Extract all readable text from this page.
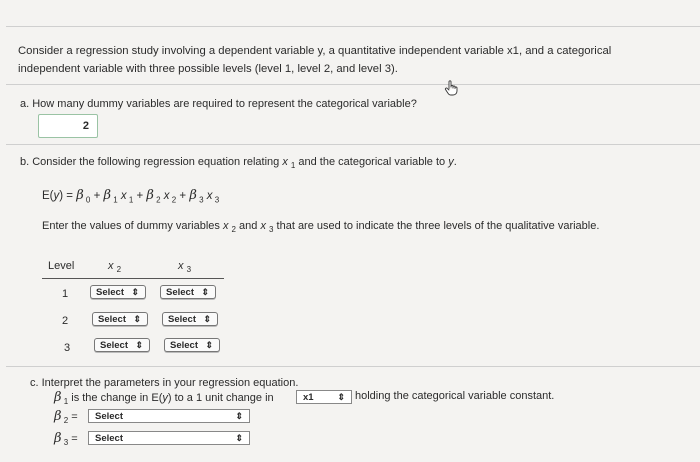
Consider a regression study involving a dependent variable y, a quantitative independent variable x1, and a categorical
independent variable with three possible levels (level 1, level 2, and level 3).
a. How many dummy variables are required to represent the categorical variable?
2
b. Consider the following regression equation relating x $_1$ and the categorical variable to y.
E(y) = β $_0$ + β $_1$ x $_1$ + β $_2$ x $_2$ + β $_3$ x $_3$
Enter the values of dummy variables x $_2$ and x $_3$ that are used to indicate the three levels of the qualitative variable.
Level	x $_2$	x $_3$
1	Select ⇕	Select ⇕
2	Select ⇕	Select ⇕
3	Select ⇕	Select ⇕
c. Interpret the parameters in your regression equation.
β $_1$ is the change in E(y) to a 1 unit change in	x1	⇕ holding the categorical variable constant.
β $_2$ =	Select	⇕
β $_3$ =	Select	⇕
